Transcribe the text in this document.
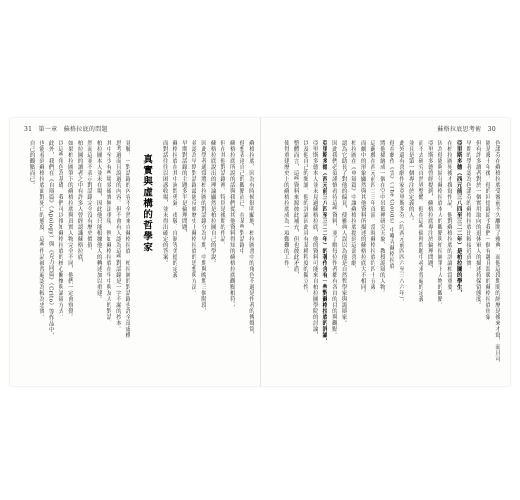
31　第一章　蘇格拉底的問題	蘇格拉底思考術　30
色諾芬在蘇格拉底受審前不久離開了雅典，而他這段期間的經歷是後來才寫，而且可
能是幾十年後。他的回憶錄給予我們一個有趣且溫暖的蘇格拉底形象，
但有許多讀者對於一個實用取向的退休軍人的描述持保留態度。
早期的學者認為色諾芬的蘇格拉底比較接近真實。
亞里斯多德（西元前三八四至三二二年）是柏拉圖的學生，
在柏拉圖死後才撰寫作品，他對蘇格拉底的評論相當重要，
因為他能夠區分蘇格拉底本人的觀點與柏拉圖筆下人物的觀點。
亞里斯多德曾經提到，蘇格拉底專注於倫理問題，
而不去研究自然界整體，他在這些倫理問題中尋求普遍的定義，
並且是第一個專注於定義的人。
此外還有喜劇作家亞里斯多芬（約西元前四四六至三八六年），
他在劇作《雲》（The Clouds）中嘲弄蘇格拉底，
將他描繪成一個在空中吊籃裡研究天象、教授詭辯的人物。
這齣戲在西元前四二三年首演，當時蘇格拉底約四十五歲，
而劇中的形象顯然與其他資料所描述的蘇格拉底大不相同。
柏拉圖在《申辯篇》中讓蘇格拉底提到這部喜劇，
認為它助長了對他的偏見，使雅典人誤以為他是自然哲學家與詭辯家。
因此我們必須謹慎看待這些資料，並了解每位作者都有各自的目的與觀點。
亞里斯多德（西元前三八四至三二二年）的著作含有一些對蘇格拉底的評論。
亞里斯多德本人並未見過蘇格拉底，他的資料可能來自柏拉圖學院的討論，
以及他自己的閱讀，他的評論因此具有某種程度的獨立性。
整體而言，這些資料來源彼此補充，但也彼此矛盾，
使得重建歷史上的蘇格拉底成為一項艱難的工作。
蘇格拉底，因為有時候很明顯地，柏拉圖書中的角色不過是作者的傳聲筒，
他想表達自己的觀點而已。在某些對話錄中，
蘇格拉底所說的話與我們從其他資料得知的蘇格拉底觀點相符；
但在其他對話錄裡，特別是後期的作品，
蘇格拉底說出的理論顯然是柏拉圖自己的學說。
因此學者通常將柏拉圖的對話錄分為早期、中期與晚期三個階段，
並認為早期對話錄最能反映歷史上蘇格拉底的思想與方法。
早期對話錄的主題多半是倫理問題，
蘇格拉底在其中詢問勇氣、虔敬、自制等美德的定義，
而對話往往以困惑收場，並未得出確定的答案。
真實與虛構的哲學家
見解。一對話錄的內容不全然來自蘇格拉底，柏拉圖的對話錄也許全部虛構，
思考過而且說過的內容。但不會有人認為這些對話錄是一字不漏的抄本。
其中至少有些場景確實無法重現，例如蘇格拉底在牢中與友人的對話，
柏拉圖本人並未在場，因此他只能根據他人的轉述加以重建。
然而這並不表示對話錄完全沒有歷史價值，
柏拉圖的讀者之中有許多人曾經認識蘇格拉底，
如果柏拉圖筆下的蘇格拉底與真實人物完全不同，他們一定會察覺。
以這些角色為基礎，我們可以推知蘇格拉底的核心關懷與論辯方式。
此外，我們在《自辯篇》（Apology）與《克力同篇》（Crito）等作品中，
也能看到蘇格拉底面對死亡的態度，這些作品被普遍認為較為忠實。
自己的觀點而已。
